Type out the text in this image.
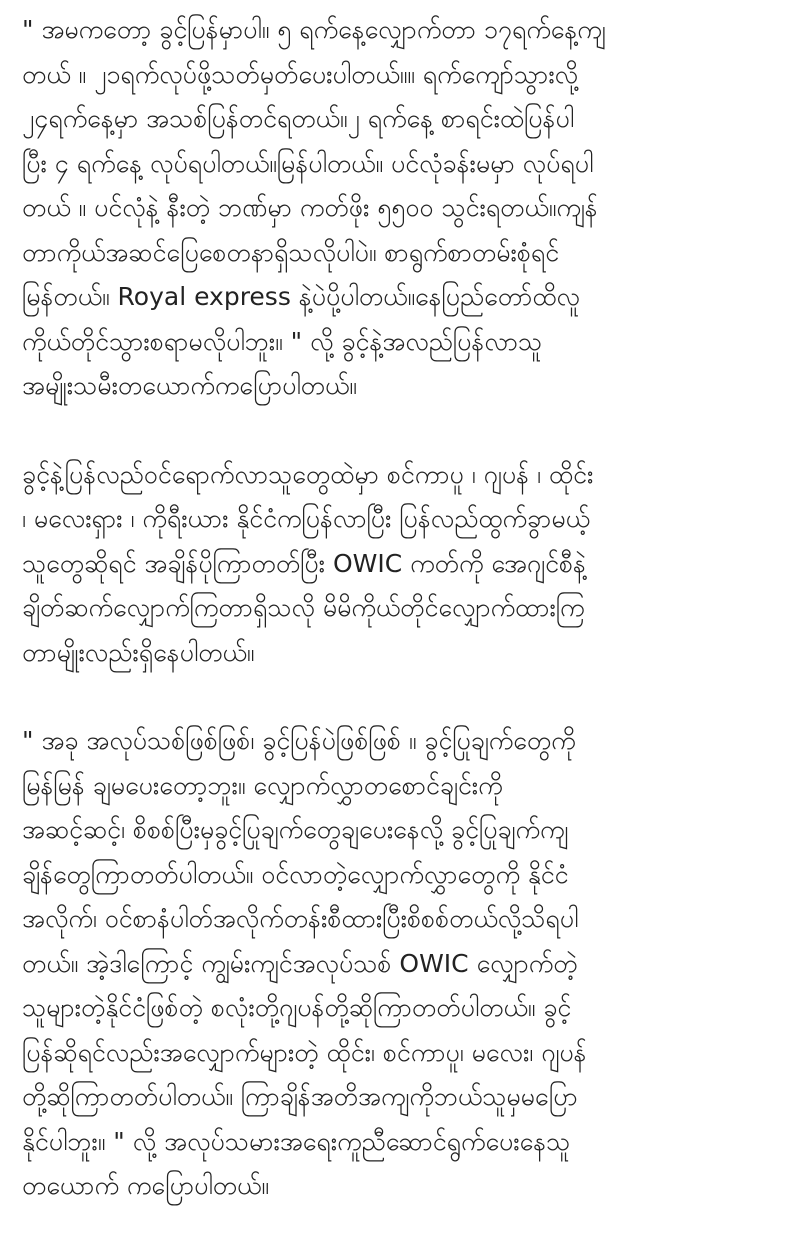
" အမကတော့ ခွင့်ပြန်မှာပါ။ ၅ ရက်နေ့လျှောက်တာ ၁၇ရက်နေ့ကျ
တယ် ။ ၂၁ရက်လုပ်ဖို့သတ်မှတ်ပေးပါတယ်။။ ရက်ကျော်သွားလို့
၂၄ရက်နေ့မှာ အသစ်ပြန်တင်ရတယ်။၂ ရက်နေ့ စာရင်းထဲပြန်ပါ
ပြီး ၄ ရက်နေ့ လုပ်ရပါတယ်။မြန်ပါတယ်။ ပင်လုံခန်းမမှာ လုပ်ရပါ
တယ် ။ ပင်လုံနဲ့ နီးတဲ့ ဘဏ်မှာ ကတ်ဖိုး ၅၅၀၀ သွင်းရတယ်။ကျန်
တာကိုယ်အဆင်ပြေစေတနာရှိသလိုပါပဲ။ စာရွက်စာတမ်းစုံရင်
မြန်တယ်။ Royal express နဲ့ပဲပို့ပါတယ်။နေပြည်တော်ထိလူ
ကိုယ်တိုင်သွားစရာမလိုပါဘူး။ " လို့ ခွင့်နဲ့အလည်ပြန်လာသူ
အမျိုးသမီးတယောက်ကပြောပါတယ်။
ခွင့်နဲ့ပြန်လည်ဝင်ရောက်လာသူတွေထဲမှာ စင်ကာပူ ၊ ဂျပန် ၊ ထိုင်း
၊ မလေးရှား ၊ ကိုရီးယား နိုင်ငံကပြန်လာပြီး ပြန်လည်ထွက်ခွာမယ့်
သူတွေဆိုရင် အချိန်ပိုကြာတတ်ပြီး OWIC ကတ်ကို အေဂျင်စီနဲ့
ချိတ်ဆက်လျှောက်ကြတာရှိသလို မိမိကိုယ်တိုင်လျှောက်ထားကြ
တာမျိုးလည်းရှိနေပါတယ်။
" အခု အလုပ်သစ်ဖြစ်ဖြစ်၊ ခွင့်ပြန်ပဲဖြစ်ဖြစ် ။ ခွင့်ပြုချက်တွေကို
မြန်မြန် ချမပေးတော့ဘူး။ လျှောက်လွှာတစောင်ချင်းကို
အဆင့်ဆင့်၊ စိစစ်ပြီးမှခွင့်ပြုချက်တွေချပေးနေလို့ ခွင့်ပြုချက်ကျ
ချိန်တွေကြာတတ်ပါတယ်။ ဝင်လာတဲ့လျှောက်လွှာတွေကို နိုင်ငံ
အလိုက်၊ ဝင်စာနံပါတ်အလိုက်တန်းစီထားပြီးစိစစ်တယ်လို့သိရပါ
တယ်။ အဲ့ဒါကြောင့် ကျွမ်းကျင်အလုပ်သစ် OWIC လျှောက်တဲ့
သူများတဲ့နိုင်ငံဖြစ်တဲ့ စလုံးတို့ဂျပန်တို့ဆိုကြာတတ်ပါတယ်။ ခွင့်
ပြန်ဆိုရင်လည်းအလျှောက်များတဲ့ ထိုင်း၊ စင်ကာပူ၊ မလေး၊ ဂျပန်
တို့ဆိုကြာတတ်ပါတယ်။ ကြာချိန်အတိအကျကိုဘယ်သူမှမပြော
နိုင်ပါဘူး။ " လို့ အလုပ်သမားအရေးကူညီဆောင်ရွက်ပေးနေသူ
တယောက် ကပြောပါတယ်။
